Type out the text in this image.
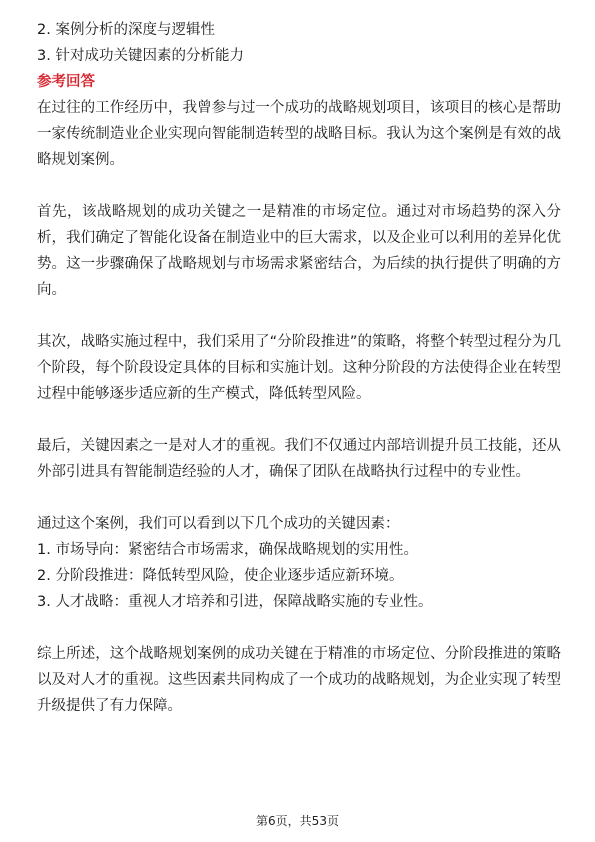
2. 案例分析的深度与逻辑性
3. 针对成功关键因素的分析能力
参考回答
在过往的工作经历中，我曾参与过一个成功的战略规划项目，该项目的核心是帮助
一家传统制造业企业实现向智能制造转型的战略目标。我认为这个案例是有效的战
略规划案例。
首先，该战略规划的成功关键之一是精准的市场定位。通过对市场趋势的深入分
析，我们确定了智能化设备在制造业中的巨大需求，以及企业可以利用的差异化优
势。这一步骤确保了战略规划与市场需求紧密结合，为后续的执行提供了明确的方
向。
其次，战略实施过程中，我们采用了“分阶段推进”的策略，将整个转型过程分为几
个阶段，每个阶段设定具体的目标和实施计划。这种分阶段的方法使得企业在转型
过程中能够逐步适应新的生产模式，降低转型风险。
最后，关键因素之一是对人才的重视。我们不仅通过内部培训提升员工技能，还从
外部引进具有智能制造经验的人才，确保了团队在战略执行过程中的专业性。
通过这个案例，我们可以看到以下几个成功的关键因素：
1. 市场导向：紧密结合市场需求，确保战略规划的实用性。
2. 分阶段推进：降低转型风险，使企业逐步适应新环境。
3. 人才战略：重视人才培养和引进，保障战略实施的专业性。
综上所述，这个战略规划案例的成功关键在于精准的市场定位、分阶段推进的策略
以及对人才的重视。这些因素共同构成了一个成功的战略规划，为企业实现了转型
升级提供了有力保障。
第6页，共53页
